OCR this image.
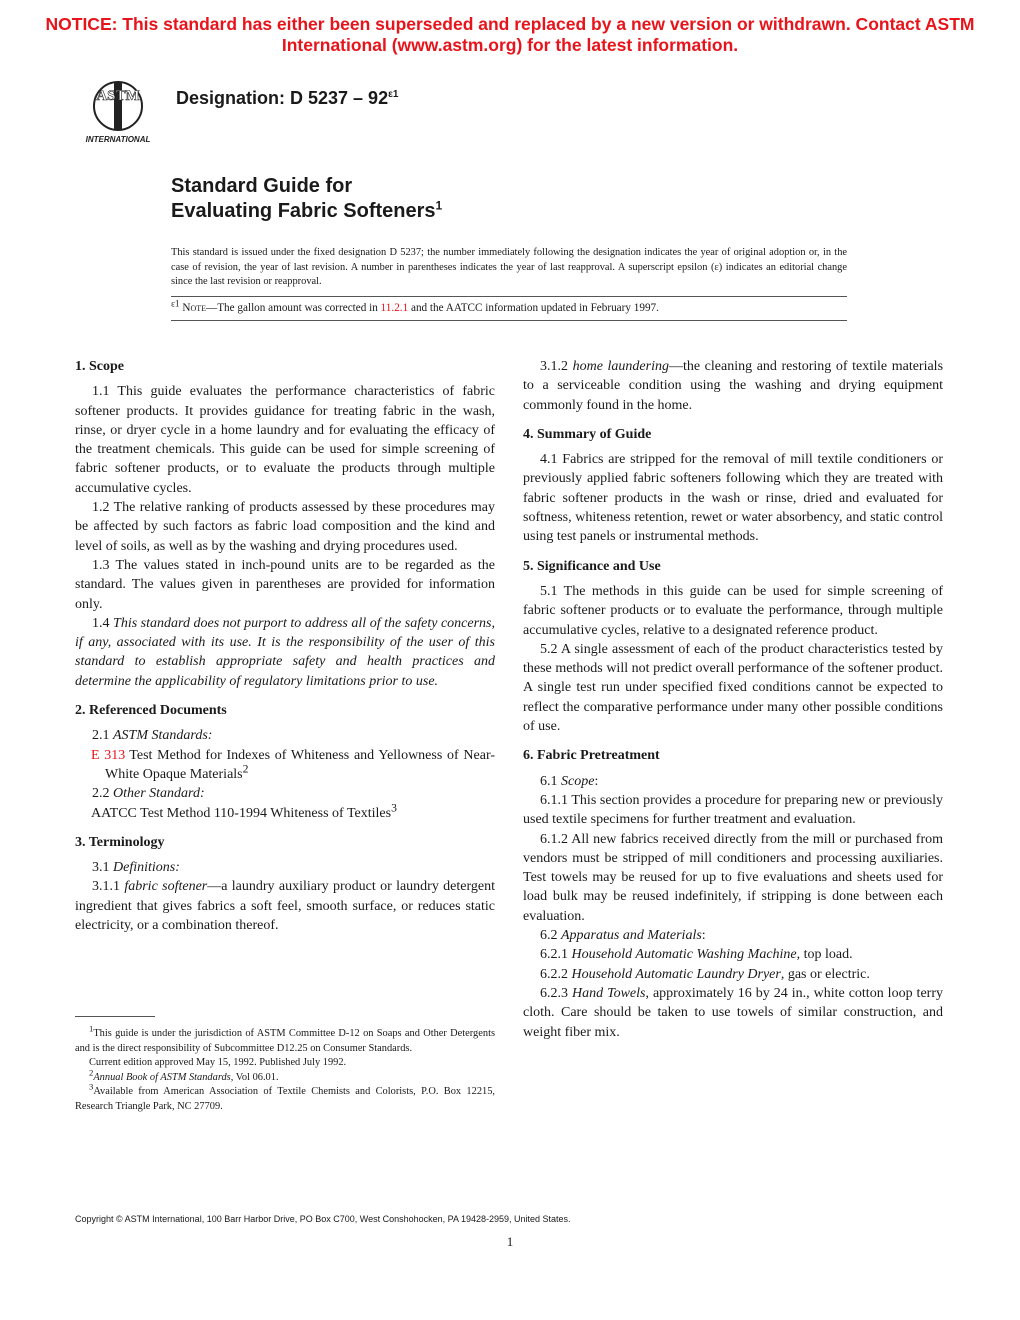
NOTICE: This standard has either been superseded and replaced by a new version or withdrawn. Contact ASTM International (www.astm.org) for the latest information.
ASTM
INTERNATIONAL
Designation: D $5237 - 92^{\varepsilon 1}$
Standard Guide for
Evaluating Fabric Softeners$^1$
This standard is issued under the fixed designation D 5237; the number immediately following the designation indicates the year of original adoption or, in the case of revision, the year of last revision. A number in parentheses indicates the year of last reapproval. A superscript epsilon (ε) indicates an editorial change since the last revision or reapproval.
$^{\varepsilon 1}$ Note—The gallon amount was corrected in 11.2.1 and the AATCC information updated in February 1997.

1. Scope

1.1 This guide evaluates the performance characteristics of fabric softener products. It provides guidance for treating fabric in the wash, rinse, or dryer cycle in a home laundry and for evaluating the efficacy of the treatment chemicals. This guide can be used for simple screening of fabric softener products, or to evaluate the products through multiple accumulative cycles.

1.2 The relative ranking of products assessed by these procedures may be affected by such factors as fabric load composition and the kind and level of soils, as well as by the washing and drying procedures used.

1.3 The values stated in inch-pound units are to be regarded as the standard. The values given in parentheses are provided for information only.

1.4 This standard does not purport to address all of the safety concerns, if any, associated with its use. It is the responsibility of the user of this standard to establish appropriate safety and health practices and determine the applicability of regulatory limitations prior to use.

2. Referenced Documents

2.1 ASTM Standards:

E 313 Test Method for Indexes of Whiteness and Yellowness of Near-White Opaque Materials$^2$

2.2 Other Standard:

AATCC Test Method 110-1994 Whiteness of Textiles$^3$

3. Terminology

3.1 Definitions:

3.1.1 fabric softener—a laundry auxiliary product or laundry detergent ingredient that gives fabrics a soft feel, smooth surface, or reduces static electricity, or a combination thereof.

$^1$This guide is under the jurisdiction of ASTM Committee D-12 on Soaps and Other Detergents and is the direct responsibility of Subcommittee D12.25 on Consumer Standards.

Current edition approved May 15, 1992. Published July 1992.

$^2$Annual Book of ASTM Standards, Vol 06.01.

$^3$Available from American Association of Textile Chemists and Colorists, P.O. Box 12215, Research Triangle Park, NC 27709.

3.1.2 home laundering—the cleaning and restoring of textile materials to a serviceable condition using the washing and drying equipment commonly found in the home.

4. Summary of Guide

4.1 Fabrics are stripped for the removal of mill textile conditioners or previously applied fabric softeners following which they are treated with fabric softener products in the wash or rinse, dried and evaluated for softness, whiteness retention, rewet or water absorbency, and static control using test panels or instrumental methods.

5. Significance and Use

5.1 The methods in this guide can be used for simple screening of fabric softener products or to evaluate the performance, through multiple accumulative cycles, relative to a designated reference product.

5.2 A single assessment of each of the product characteristics tested by these methods will not predict overall performance of the softener product. A single test run under specified fixed conditions cannot be expected to reflect the comparative performance under many other possible conditions of use.

6. Fabric Pretreatment

6.1 Scope:

6.1.1 This section provides a procedure for preparing new or previously used textile specimens for further treatment and evaluation.

6.1.2 All new fabrics received directly from the mill or purchased from vendors must be stripped of mill conditioners and processing auxiliaries. Test towels may be reused for up to five evaluations and sheets used for load bulk may be reused indefinitely, if stripping is done between each evaluation.

6.2 Apparatus and Materials:

6.2.1 Household Automatic Washing Machine, top load.

6.2.2 Household Automatic Laundry Dryer, gas or electric.

6.2.3 Hand Towels, approximately 16 by 24 in., white cotton loop terry cloth. Care should be taken to use towels of similar construction, and weight fiber mix.

Copyright © ASTM International, 100 Barr Harbor Drive, PO Box C700, West Conshohocken, PA 19428-2959, United States.
1
